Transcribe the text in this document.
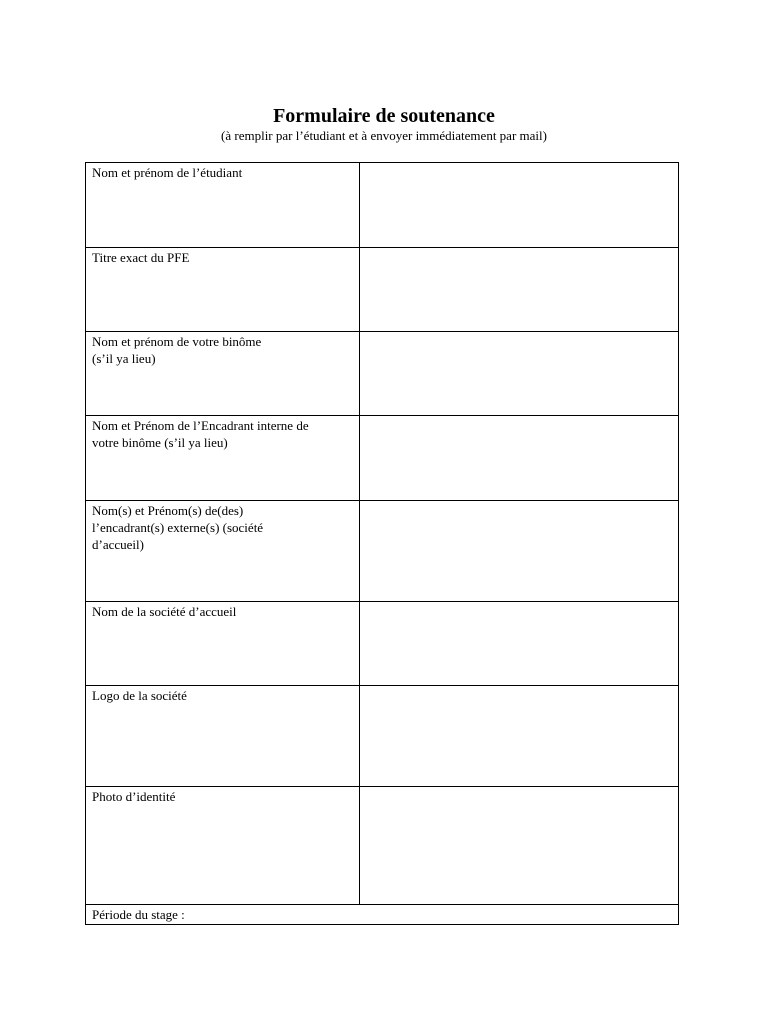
Formulaire de soutenance
(à remplir par l’étudiant et à envoyer immédiatement par mail)
Nom et prénom de l’étudiant	

Titre exact du PFE	

Nom et prénom de votre binôme
(s’il ya lieu)	

Nom et Prénom de l’Encadrant interne de
votre binôme (s’il ya lieu)	

Nom(s) et Prénom(s) de(des)
l’encadrant(s) externe(s) (société
d’accueil)	

Nom de la société d’accueil	

Logo de la société	

Photo d’identité	

Période du stage :	
